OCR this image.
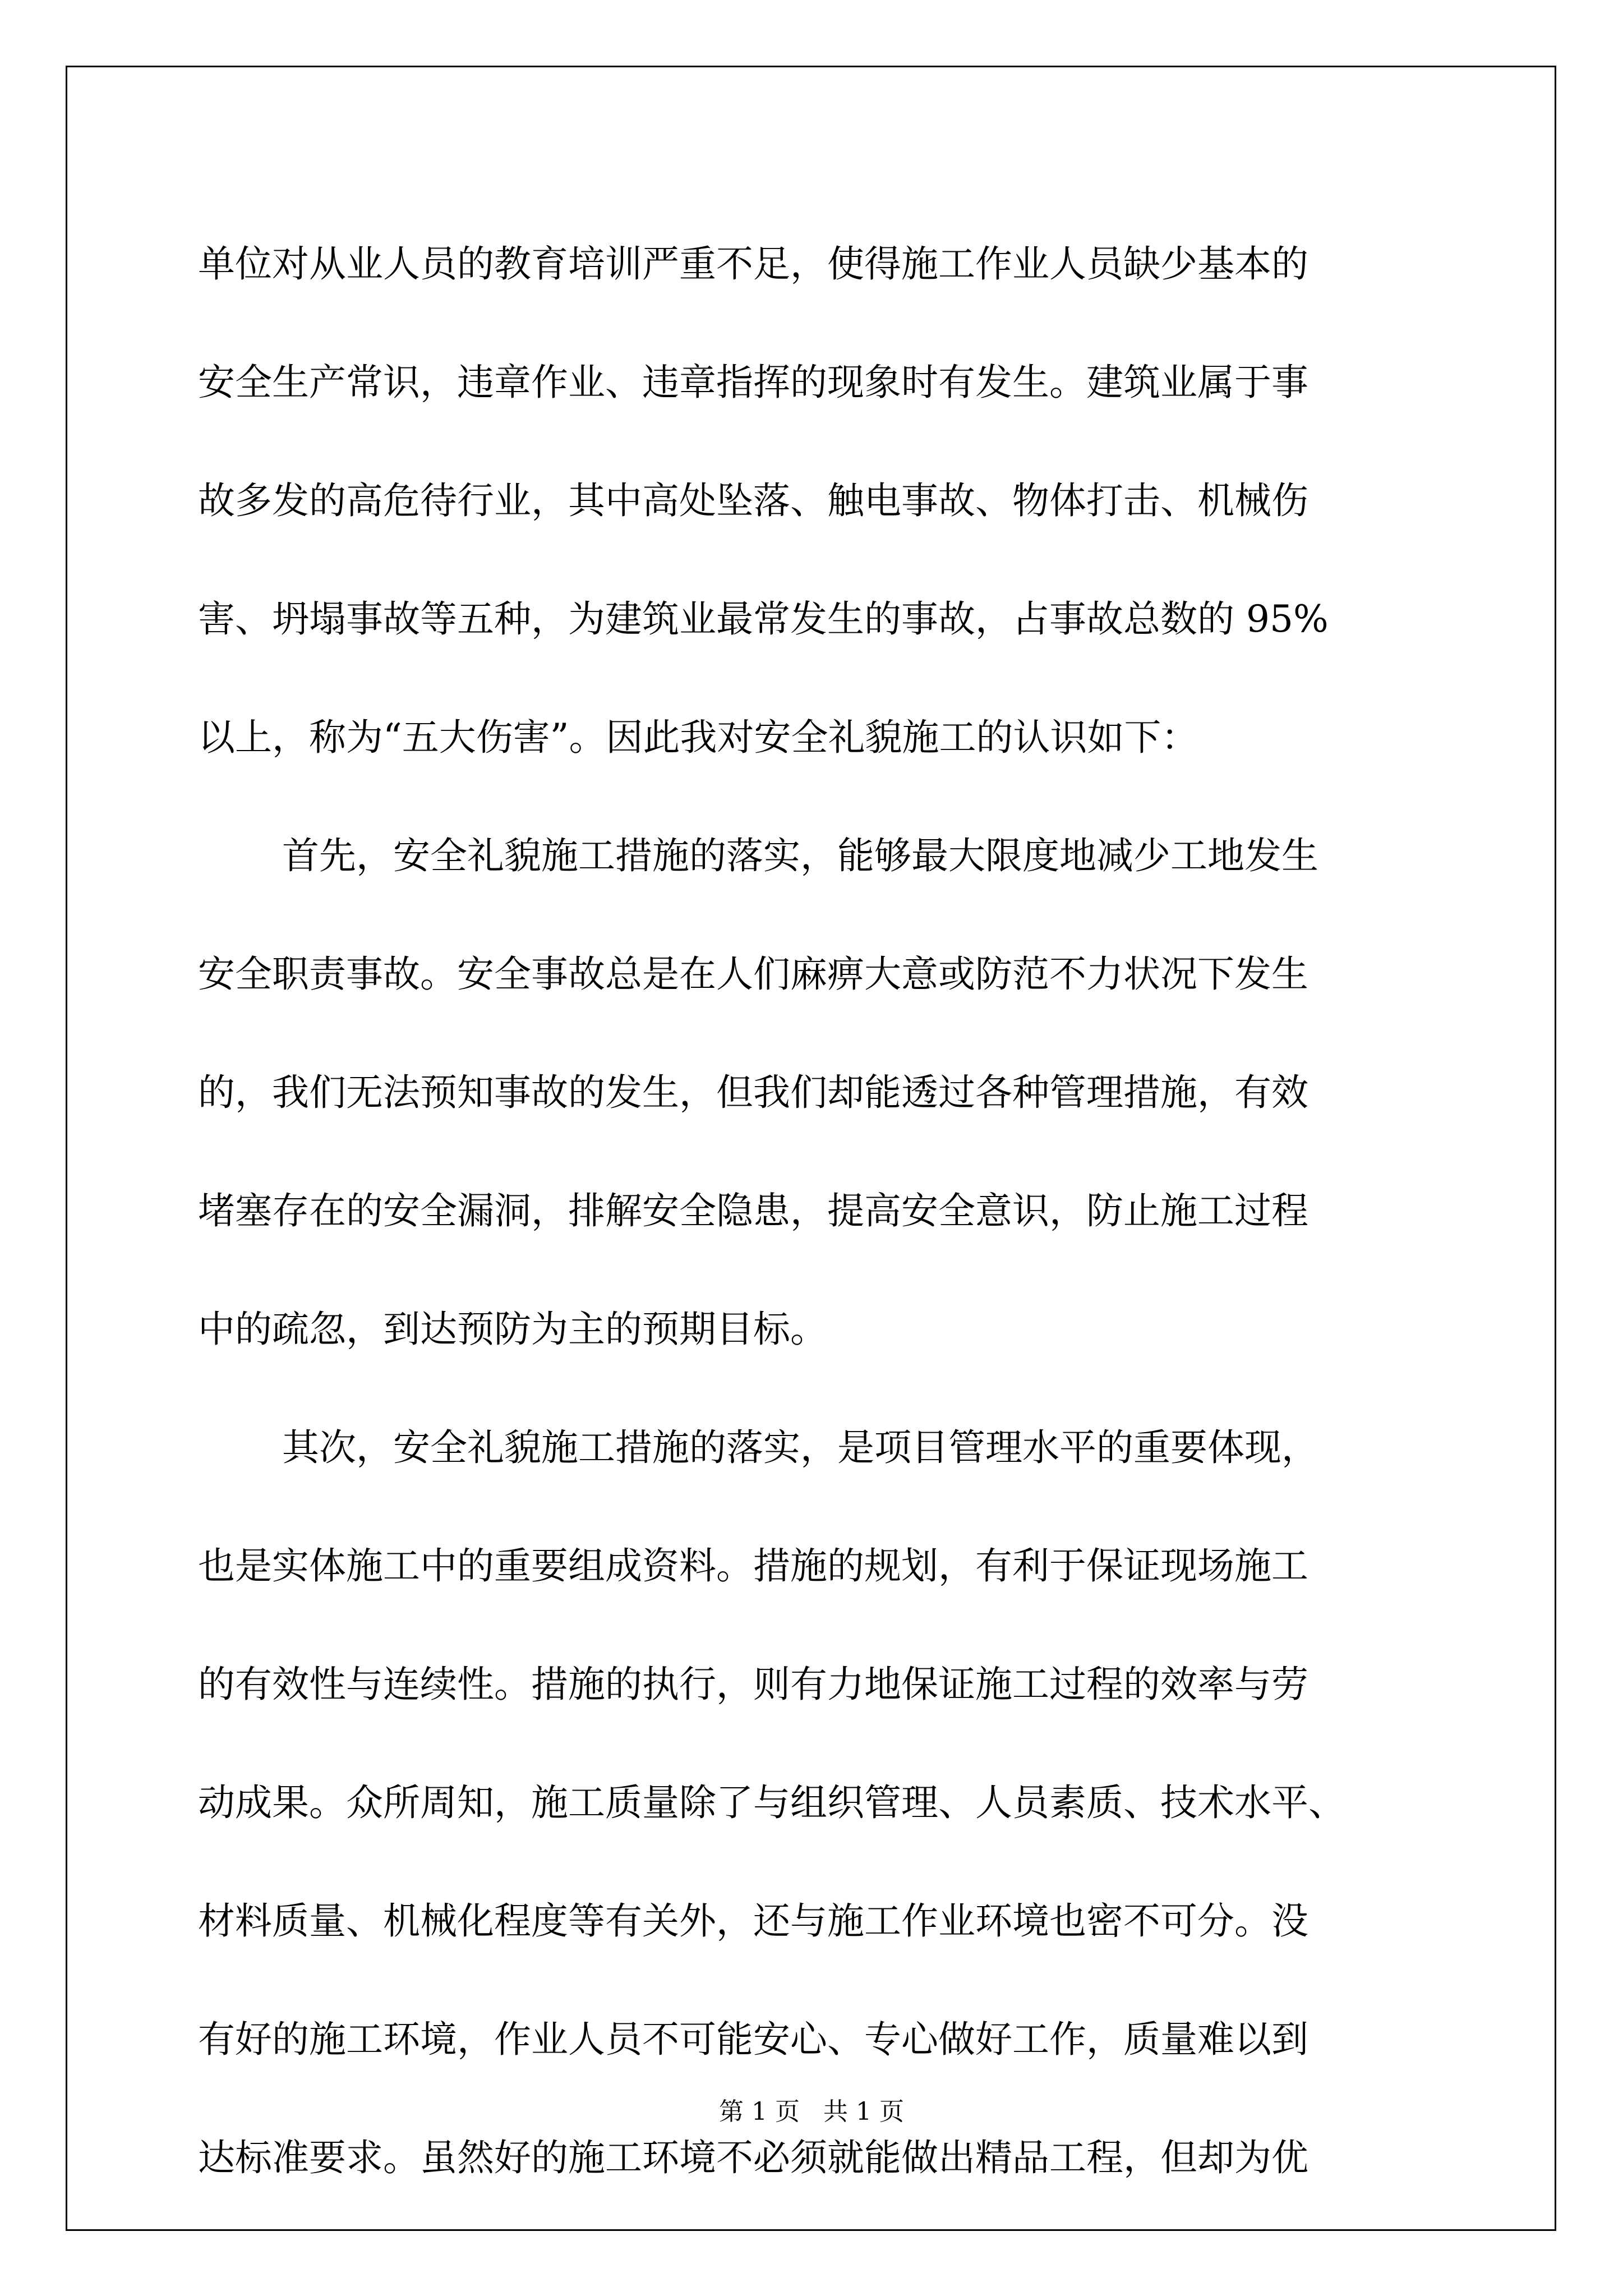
单位对从业人员的教育培训严重不足，使得施工作业人员缺少基本的
安全生产常识，违章作业、违章指挥的现象时有发生。建筑业属于事
故多发的高危待行业，其中高处坠落、触电事故、物体打击、机械伤
害、坍塌事故等五种，为建筑业最常发生的事故，占事故总数的 95%
以上，称为“五大伤害”。因此我对安全礼貌施工的认识如下：
首先，安全礼貌施工措施的落实，能够最大限度地减少工地发生
安全职责事故。安全事故总是在人们麻痹大意或防范不力状况下发生
的，我们无法预知事故的发生，但我们却能透过各种管理措施，有效
堵塞存在的安全漏洞，排解安全隐患，提高安全意识，防止施工过程
中的疏忽，到达预防为主的预期目标。
其次，安全礼貌施工措施的落实，是项目管理水平的重要体现，
也是实体施工中的重要组成资料。措施的规划，有利于保证现场施工
的有效性与连续性。措施的执行，则有力地保证施工过程的效率与劳
动成果。众所周知，施工质量除了与组织管理、人员素质、技术水平、
材料质量、机械化程度等有关外，还与施工作业环境也密不可分。没
有好的施工环境，作业人员不可能安心、专心做好工作，质量难以到
达标准要求。虽然好的施工环境不必须就能做出精品工程，但却为优
第 1 页 共 1 页
